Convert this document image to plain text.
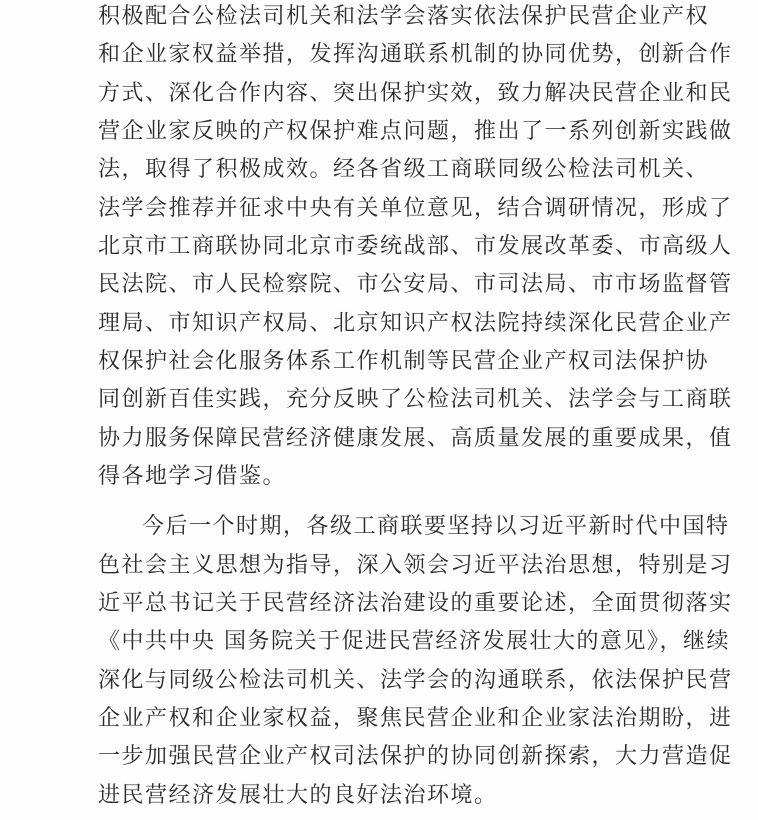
积极配合公检法司机关和法学会落实依法保护民营企业产权
和企业家权益举措，发挥沟通联系机制的协同优势，创新合作
方式、深化合作内容、突出保护实效，致力解决民营企业和民
营企业家反映的产权保护难点问题，推出了一系列创新实践做
法，取得了积极成效。经各省级工商联同级公检法司机关、
法学会推荐并征求中央有关单位意见，结合调研情况，形成了
北京市工商联协同北京市委统战部、市发展改革委、市高级人
民法院、市人民检察院、市公安局、市司法局、市市场监督管
理局、市知识产权局、北京知识产权法院持续深化民营企业产
权保护社会化服务体系工作机制等民营企业产权司法保护协
同创新百佳实践，充分反映了公检法司机关、法学会与工商联
协力服务保障民营经济健康发展、高质量发展的重要成果，值
得各地学习借鉴。
今后一个时期，各级工商联要坚持以习近平新时代中国特
色社会主义思想为指导，深入领会习近平法治思想，特别是习
近平总书记关于民营经济法治建设的重要论述，全面贯彻落实
《中共中央 国务院关于促进民营经济发展壮大的意见》，继续
深化与同级公检法司机关、法学会的沟通联系，依法保护民营
企业产权和企业家权益，聚焦民营企业和企业家法治期盼，进
一步加强民营企业产权司法保护的协同创新探索，大力营造促
进民营经济发展壮大的良好法治环境。
